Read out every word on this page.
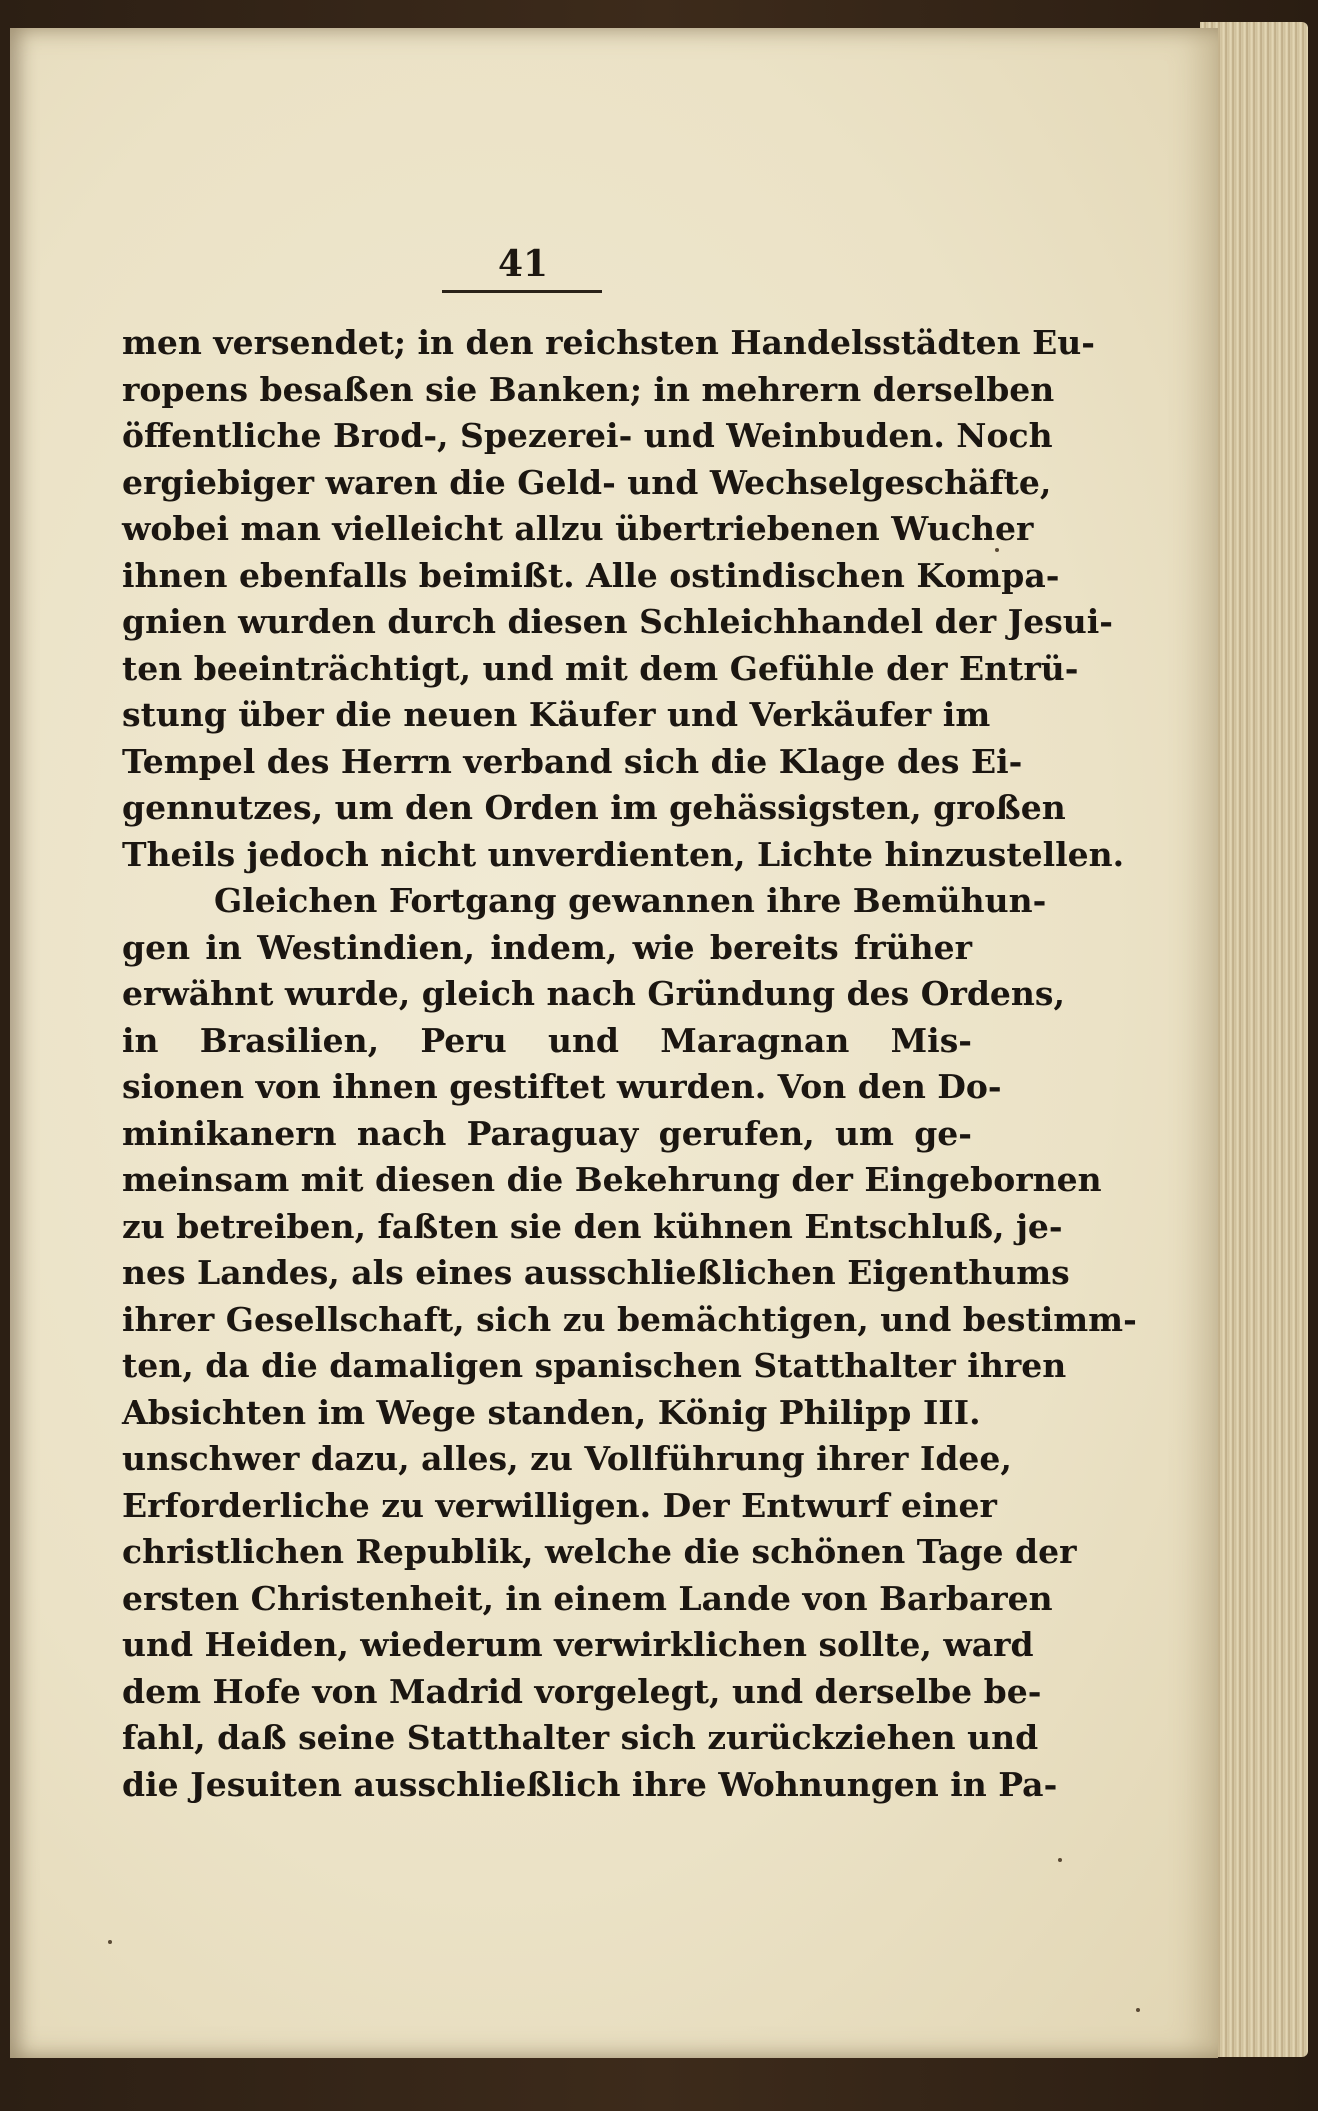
41
men versendet; in den reichsten Handelsstädten Eu-
ropens besaßen sie Banken; in mehrern derselben
öffentliche Brod-, Spezerei- und Weinbuden. Noch
ergiebiger waren die Geld- und Wechselgeschäfte,
wobei man vielleicht allzu übertriebenen Wucher
ihnen ebenfalls beimißt. Alle ostindischen Kompa-
gnien wurden durch diesen Schleichhandel der Jesui-
ten beeinträchtigt, und mit dem Gefühle der Entrü-
stung über die neuen Käufer und Verkäufer im
Tempel des Herrn verband sich die Klage des Ei-
gennutzes, um den Orden im gehässigsten, großen
Theils jedoch nicht unverdienten, Lichte hinzustellen.
Gleichen Fortgang gewannen ihre Bemühun-
gen in Westindien, indem, wie bereits früher
erwähnt wurde, gleich nach Gründung des Ordens,
in Brasilien, Peru und Maragnan Mis-
sionen von ihnen gestiftet wurden. Von den Do-
minikanern nach Paraguay gerufen, um ge-
meinsam mit diesen die Bekehrung der Eingebornen
zu betreiben, faßten sie den kühnen Entschluß, je-
nes Landes, als eines ausschließlichen Eigenthums
ihrer Gesellschaft, sich zu bemächtigen, und bestimm-
ten, da die damaligen spanischen Statthalter ihren
Absichten im Wege standen, König Philipp III.
unschwer dazu, alles, zu Vollführung ihrer Idee,
Erforderliche zu verwilligen. Der Entwurf einer
christlichen Republik, welche die schönen Tage der
ersten Christenheit, in einem Lande von Barbaren
und Heiden, wiederum verwirklichen sollte, ward
dem Hofe von Madrid vorgelegt, und derselbe be-
fahl, daß seine Statthalter sich zurückziehen und
die Jesuiten ausschließlich ihre Wohnungen in Pa-
